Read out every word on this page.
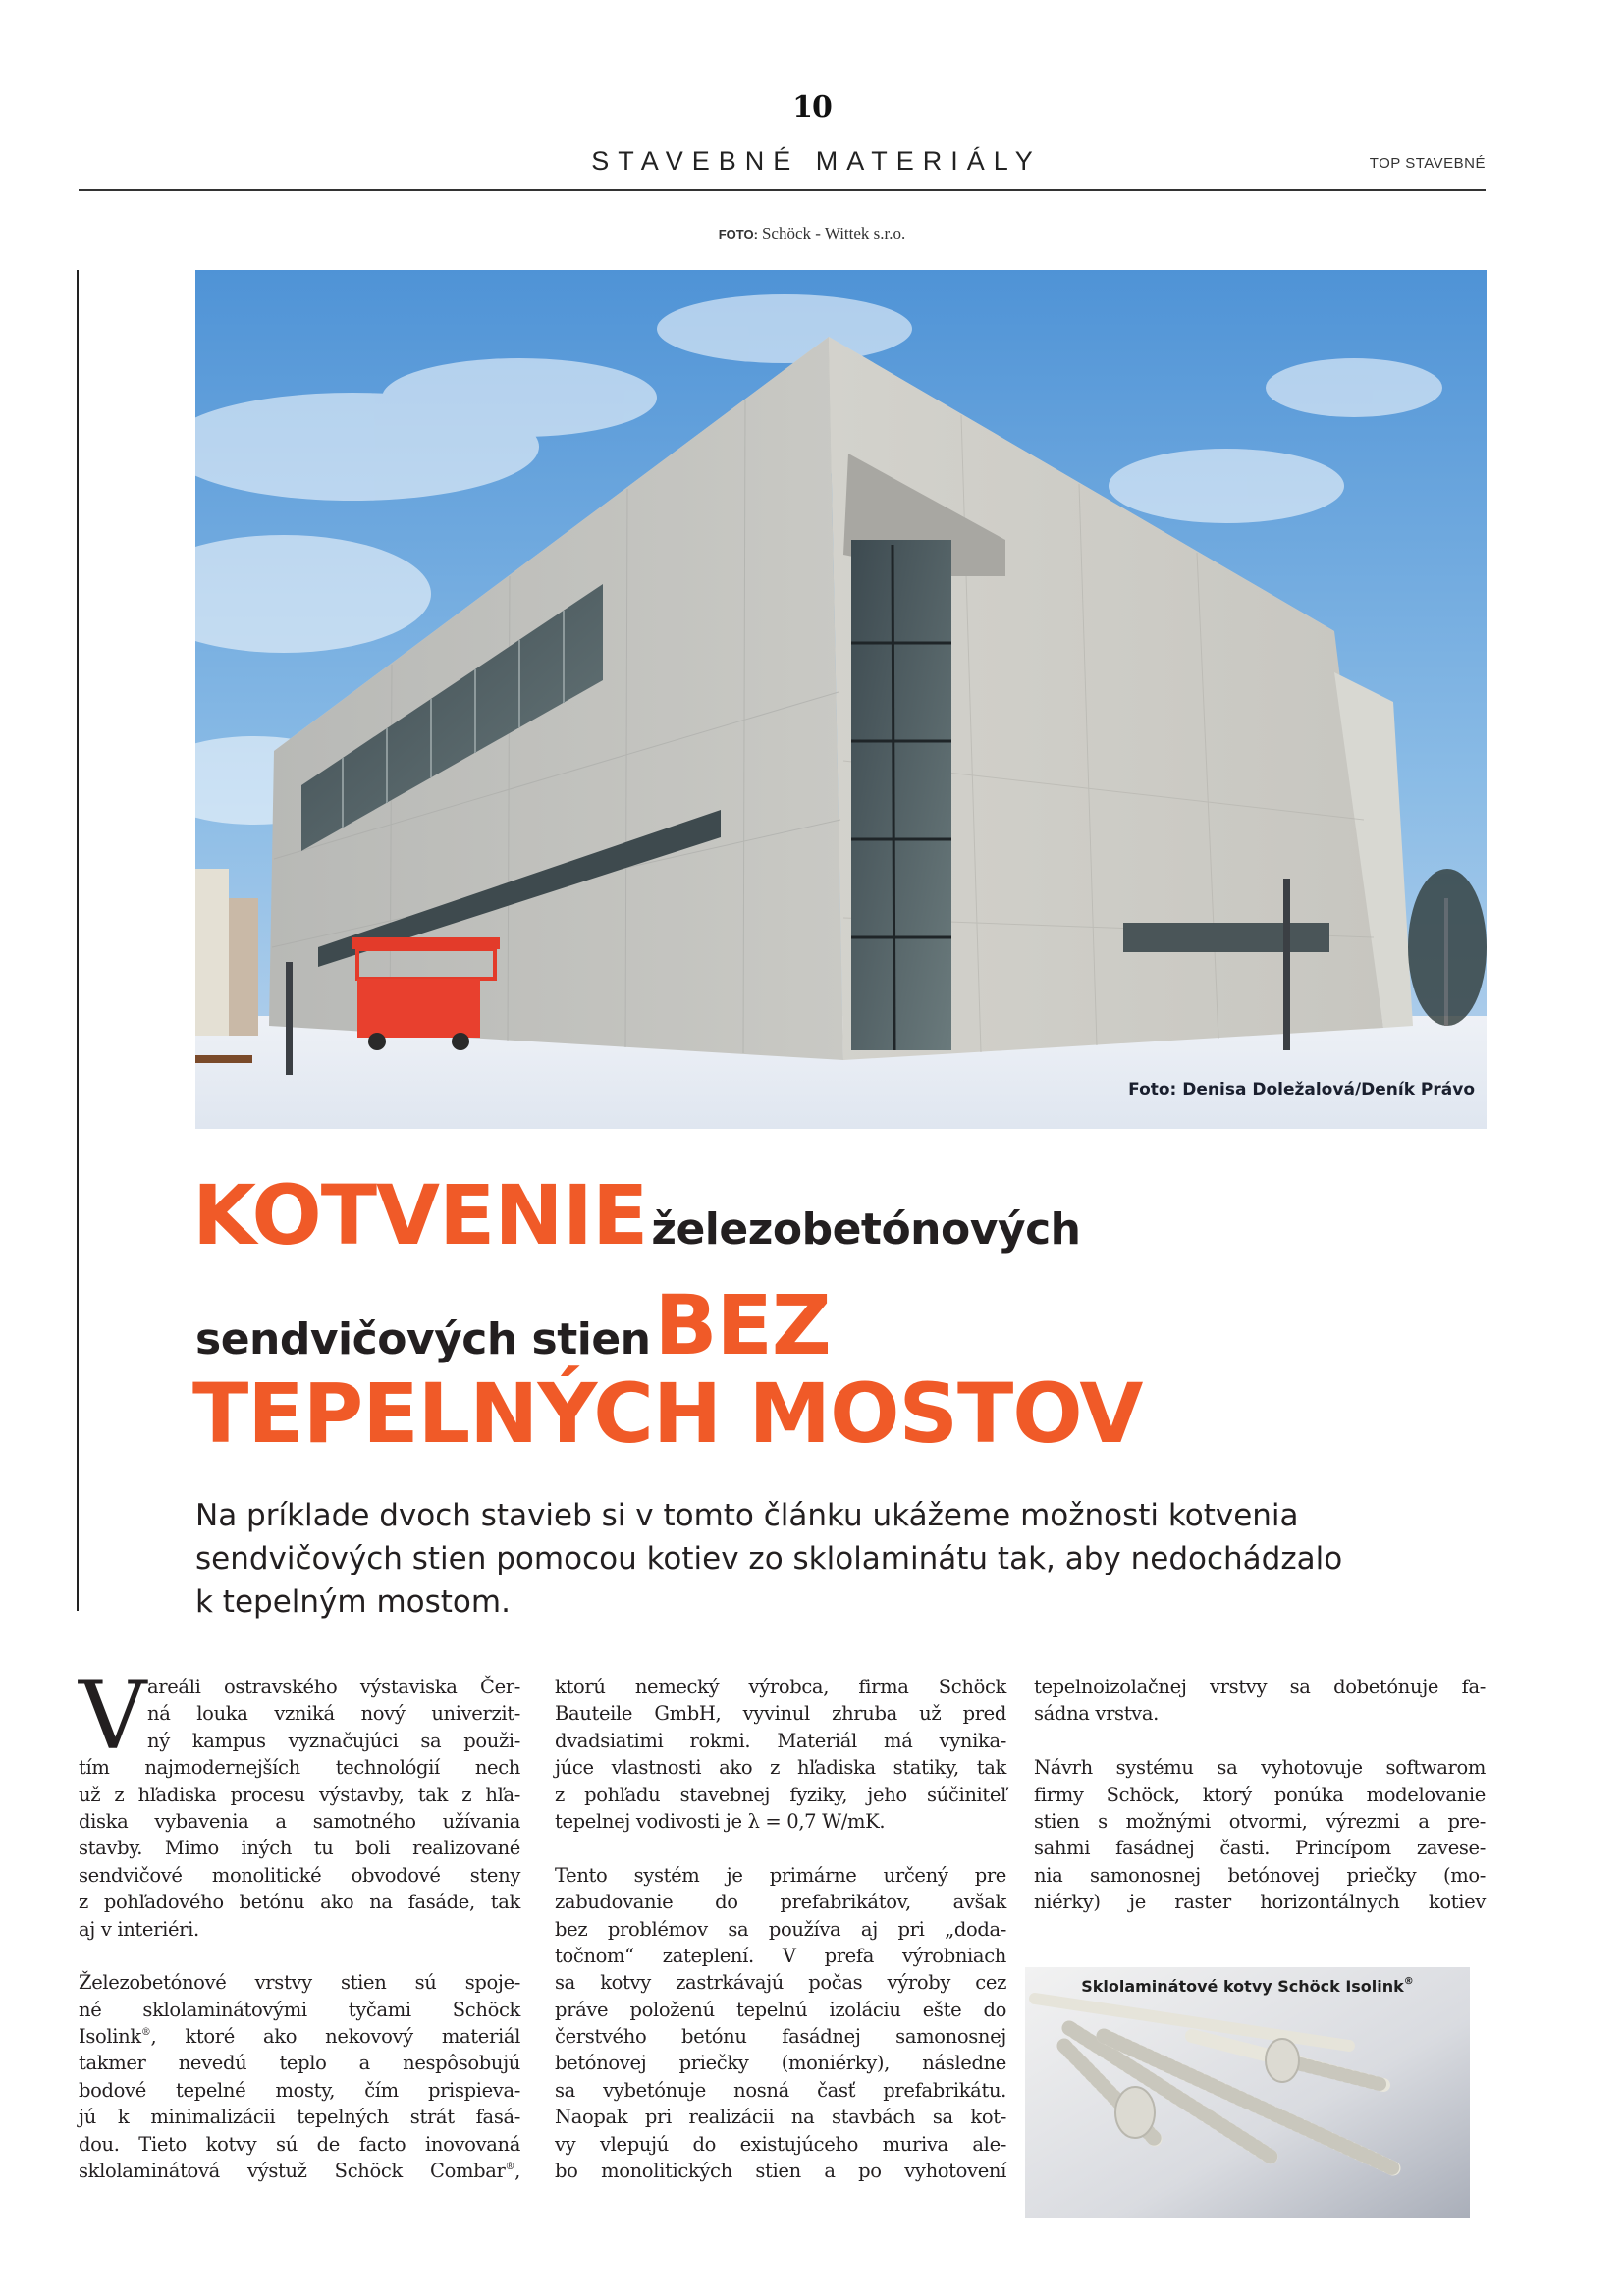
10
STAVEBNÉ MATERIÁLY	TOP STAVEBNÉ
FOTO: Schöck - Wittek s.r.o.
Foto: Denisa Doležalová/Deník Právo
KOTVENIE železobetónových
sendvičových stien BEZ
TEPELNÝCH MOSTOV
Na príklade dvoch stavieb si v tomto článku ukážeme možnosti kotvenia
sendvičových stien pomocou kotiev zo sklolaminátu tak, aby nedochádzalo
k tepelným mostom.
V areáli ostravského výstaviska Čer-
ná louka vzniká nový univerzit-
ný kampus vyznačujúci sa použi-
tím najmodernejších technológií nech
už z hľadiska procesu výstavby, tak z hľa-
diska vybavenia a samotného užívania
stavby. Mimo iných tu boli realizované
sendvičové monolitické obvodové steny
z pohľadového betónu ako na fasáde, tak
aj v interiéri.
Železobetónové vrstvy stien sú spoje-
né sklolaminátovými tyčami Schöck
Isolink®, ktoré ako nekovový materiál
takmer nevedú teplo a nespôsobujú
bodové tepelné mosty, čím prispieva-
jú k minimalizácii tepelných strát fasá-
dou. Tieto kotvy sú de facto inovovaná
sklolaminátová výstuž Schöck Combar®,
ktorú nemecký výrobca, firma Schöck
Bauteile GmbH, vyvinul zhruba už pred
dvadsiatimi rokmi. Materiál má vynika-
júce vlastnosti ako z hľadiska statiky, tak
z pohľadu stavebnej fyziky, jeho súčiniteľ
tepelnej vodivosti je λ = 0,7 W/mK.
Tento systém je primárne určený pre
zabudovanie do prefabrikátov, avšak
bez problémov sa používa aj pri „doda-
točnom“ zateplení. V prefa výrobniach
sa kotvy zastrkávajú počas výroby cez
práve položenú tepelnú izoláciu ešte do
čerstvého betónu fasádnej samonosnej
betónovej priečky (moniérky), následne
sa vybetónuje nosná časť prefabrikátu.
Naopak pri realizácii na stavbách sa kot-
vy vlepujú do existujúceho muriva ale-
bo monolitických stien a po vyhotovení
tepelnoizolačnej vrstvy sa dobetónuje fa-
sádna vrstva.
Návrh systému sa vyhotovuje softwarom
firmy Schöck, ktorý ponúka modelovanie
stien s možnými otvormi, výrezmi a pre-
sahmi fasádnej časti. Princípom zavese-
nia samonosnej betónovej priečky (mo-
niérky) je raster horizontálnych kotiev
Sklolaminátové kotvy Schöck Isolink®
